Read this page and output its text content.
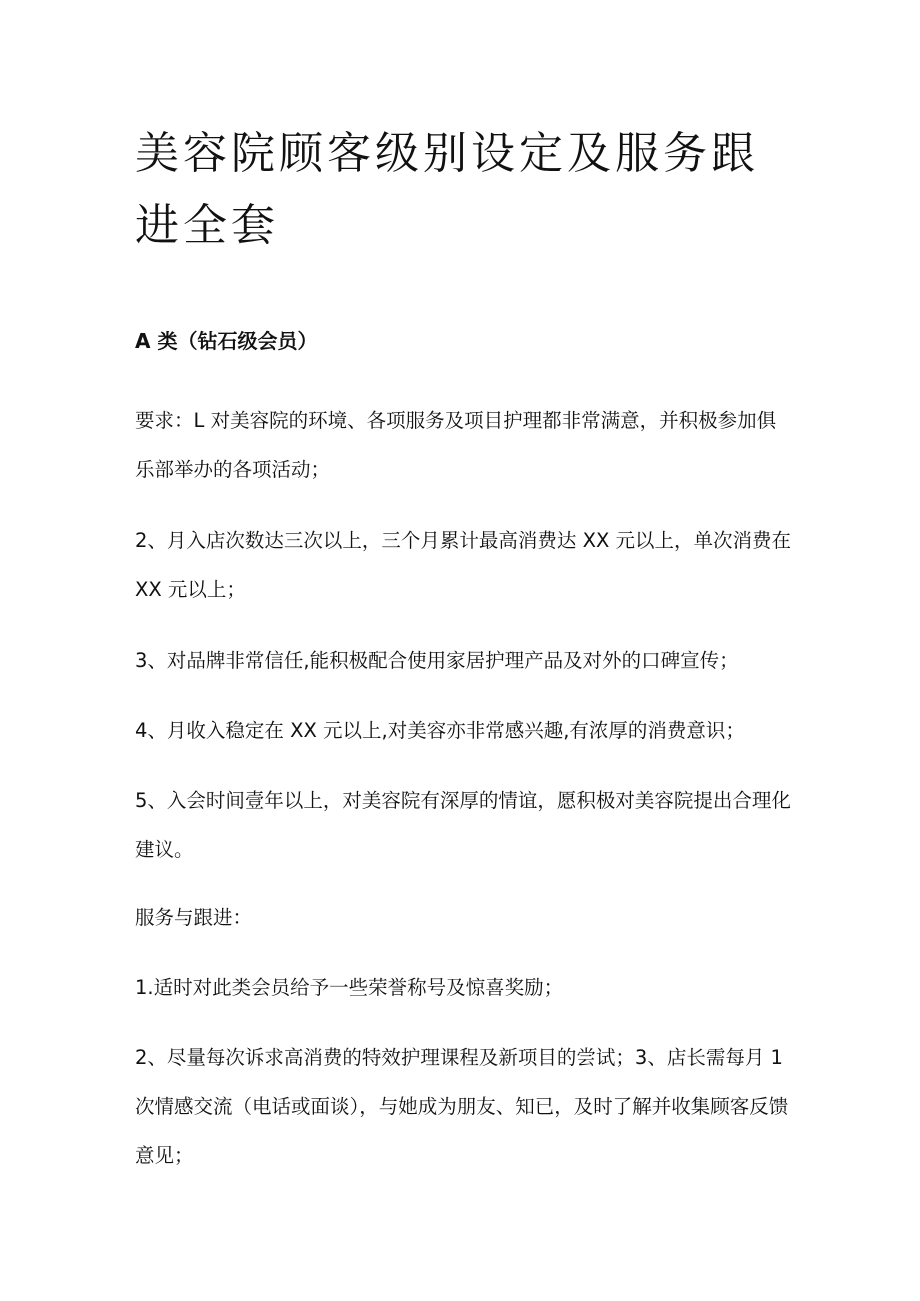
美容院顾客级别设定及服务跟进全套
A 类（钻石级会员）

要求：L 对美容院的环境、各项服务及项目护理都非常满意，并积极参加俱乐部举办的各项活动；

2、月入店次数达三次以上，三个月累计最高消费达 XX 元以上，单次消费在 XX 元以上；

3、对品牌非常信任,能积极配合使用家居护理产品及对外的口碑宣传；

4、月收入稳定在 XX 元以上,对美容亦非常感兴趣,有浓厚的消费意识；

5、入会时间壹年以上，对美容院有深厚的情谊，愿积极对美容院提出合理化建议。

服务与跟进：

1.适时对此类会员给予一些荣誉称号及惊喜奖励；

2、尽量每次诉求高消费的特效护理课程及新项目的尝试；3、店长需每月 1 次情感交流（电话或面谈），与她成为朋友、知已，及时了解并收集顾客反馈意见；
